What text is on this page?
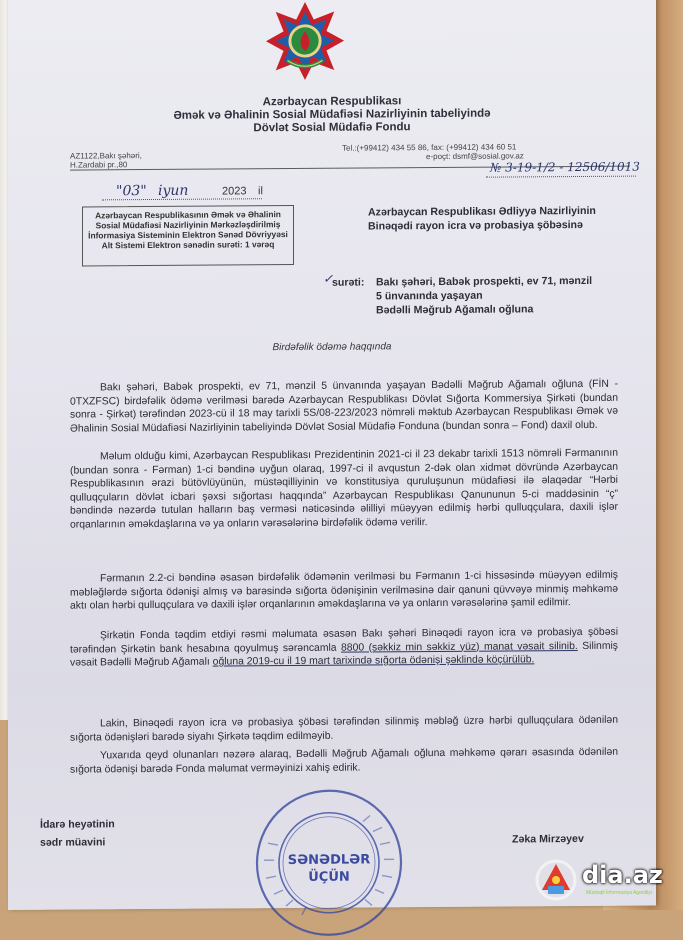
Azərbaycan Respublikası
Əmək və Əhalinin Sosial Müdafiəsi Nazirliyinin tabeliyində
Dövlət Sosial Müdafiə Fondu
AZ1122,Bakı şəhəri,
H.Zardabi pr.,80
Tel.:(+99412) 434 55 86, fax: (+99412) 434 60 51
e-poçt: dsmf@sosial.gov.az
"03" iyun	2023 il
№ 3-19-1/2 - 12506/1013
Azərbaycan Respublikasının Əmək və Əhalinin Sosial Müdafiəsi Nazirliyinin Mərkəzləşdirilmiş İnformasiya Sisteminin Elektron Sənəd Dövriyyəsi Alt Sistemi Elektron sənədin surəti: 1 vərəq
Azərbaycan Respublikası Ədliyyə Nazirliyinin Binəqədi rayon icra və probasiya şöbəsinə
✓
surəti: Bakı şəhəri, Babək prospekti, ev 71, mənzil 5 ünvanında yaşayan
Bədəlli Məğrub Ağamalı oğluna
Birdəfəlik ödəmə haqqında
Bakı şəhəri, Babək prospekti, ev 71, mənzil 5 ünvanında yaşayan Bədəlli Məğrub Ağamalı oğluna (FİN - 0TXZFSC) birdəfəlik ödəmə verilməsi barədə Azərbaycan Respublikası Dövlət Sığorta Kommersiya Şirkəti (bundan sonra - Şirkət) tərəfindən 2023-cü il 18 may tarixli 5S/08-223/2023 nömrəli məktub Azərbaycan Respublikası Əmək və Əhalinin Sosial Müdafiəsi Nazirliyinin tabeliyində Dövlət Sosial Müdafiə Fonduna (bundan sonra – Fond) daxil olub.
Məlum olduğu kimi, Azərbaycan Respublikası Prezidentinin 2021-ci il 23 dekabr tarixli 1513 nömrəli Fərmanının (bundan sonra - Fərman) 1-ci bəndinə uyğun olaraq, 1997-ci il avqustun 2-dək olan xidmət dövründə Azərbaycan Respublikasının ərazi bütövlüyünün, müstəqilliyinin və konstitusiya quruluşunun müdafiəsi ilə əlaqədar “Hərbi qulluqçuların dövlət icbari şəxsi sığortası haqqında” Azərbaycan Respublikası Qanununun 5-ci maddəsinin “ç” bəndində nəzərdə tutulan halların baş verməsi nəticəsində əlilliyi müəyyən edilmiş hərbi qulluqçulara, daxili işlər orqanlarının əməkdaşlarına və ya onların vərəsələrinə birdəfəlik ödəmə verilir.
Fərmanın 2.2-ci bəndinə əsasən birdəfəlik ödəmənin verilməsi bu Fərmanın 1-ci hissəsində müəyyən edilmiş məbləğlərdə sığorta ödənişi almış və barəsində sığorta ödənişinin verilməsinə dair qanuni qüvvəyə minmiş məhkəmə aktı olan hərbi qulluqçulara və daxili işlər orqanlarının əməkdaşlarına və ya onların vərəsələrinə şamil edilmir.
Şirkətin Fonda təqdim etdiyi rəsmi məlumata əsasən Bakı şəhəri Binəqədi rayon icra və probasiya şöbəsi tərəfindən Şirkətin bank hesabına qoyulmuş sərəncamla 8800 (səkkiz min səkkiz yüz) manat vəsait silinib. Silinmiş vəsait Bədəlli Məğrub Ağamalı oğluna 2019-cu il 19 mart tarixində sığorta ödənişi şəklində köçürülüb.
Lakin, Binəqədi rayon icra və probasiya şöbəsi tərəfindən silinmiş məbləğ üzrə hərbi qulluqçulara ödənilən sığorta ödənişləri barədə siyahı Şirkətə təqdim edilməyib.
Yuxarıda qeyd olunanları nəzərə alaraq, Bədəlli Məğrub Ağamalı oğluna məhkəmə qərarı əsasında ödənilən sığorta ödənişi barədə Fonda məlumat verməyinizi xahiş edirik.
İdarə heyətinin
sədr müavini	Zəka Mirzəyev
SƏNƏDLƏR
ÜÇÜN	dia.az
Müstəqil İnformasiya Agentliyi
